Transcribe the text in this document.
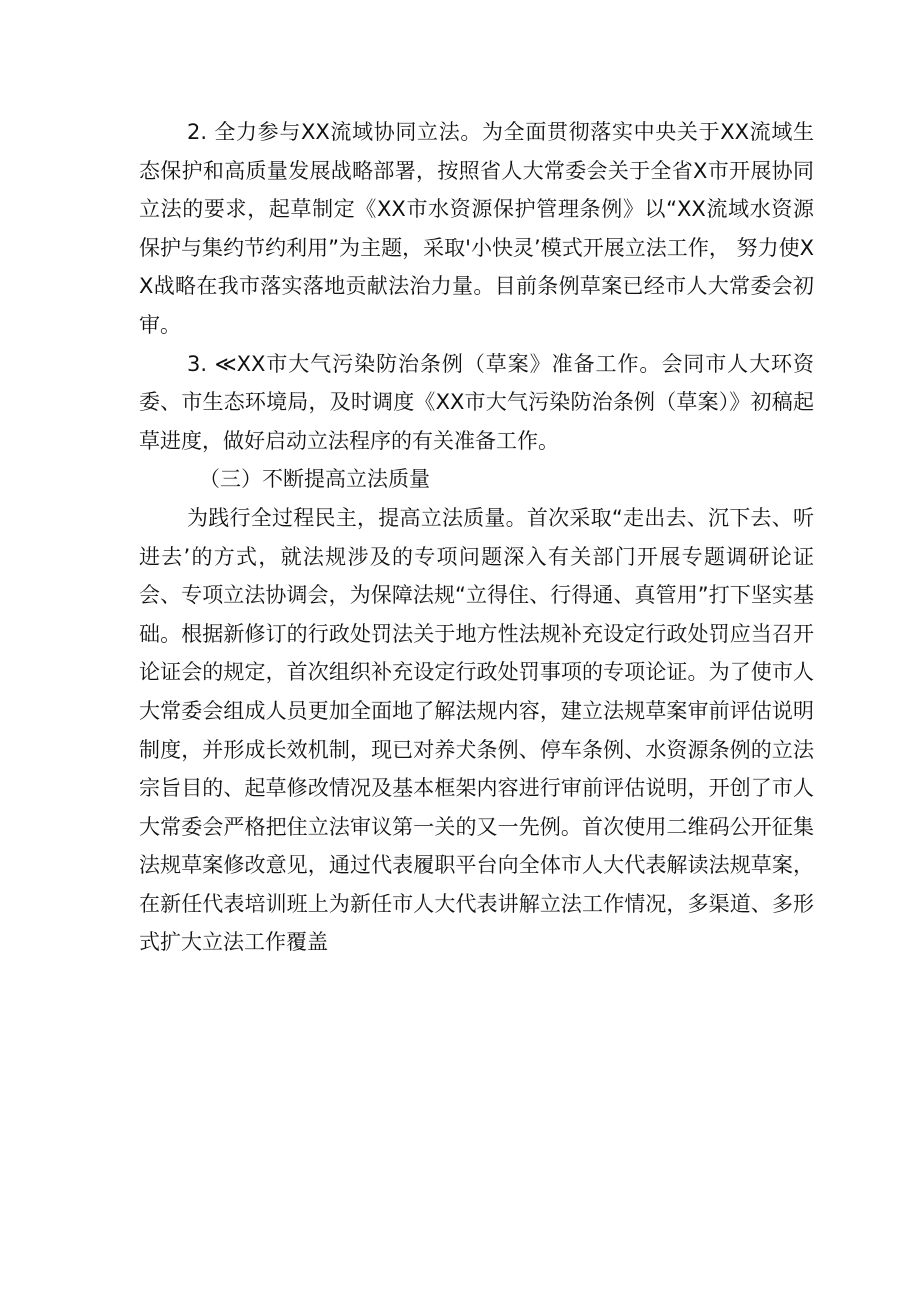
2. 全力参与XX流域协同立法。为全面贯彻落实中央关于XX流域生态保护和高质量发展战略部署，按照省人大常委会关于全省X市开展协同立法的要求，起草制定《XX市水资源保护管理条例》以“XX流域水资源保护与集约节约利用”为主题，采取'小快灵’模式开展立法工作， 努力使XX战略在我市落实落地贡献法治力量。目前条例草案已经市人大常委会初审。

3. ≪XX市大气污染防治条例（草案》准备工作。会同市人大环资委、市生态环境局，及时调度《XX市大气污染防治条例（草案）》初稿起草进度，做好启动立法程序的有关准备工作。

（三）不断提高立法质量

为践行全过程民主，提高立法质量。首次采取“走出去、沉下去、听进去’的方式，就法规涉及的专项问题深入有关部门开展专题调研论证会、专项立法协调会，为保障法规“立得住、行得通、真管用”打下坚实基础。根据新修订的行政处罚法关于地方性法规补充设定行政处罚应当召开论证会的规定，首次组织补充设定行政处罚事项的专项论证。为了使市人大常委会组成人员更加全面地了解法规内容，建立法规草案审前评估说明制度，并形成长效机制，现已对养犬条例、停车条例、水资源条例的立法宗旨目的、起草修改情况及基本框架内容进行审前评估说明，开创了市人大常委会严格把住立法审议第一关的又一先例。首次使用二维码公开征集法规草案修改意见，通过代表履职平台向全体市人大代表解读法规草案，在新任代表培训班上为新任市人大代表讲解立法工作情况，多渠道、多形式扩大立法工作覆盖
